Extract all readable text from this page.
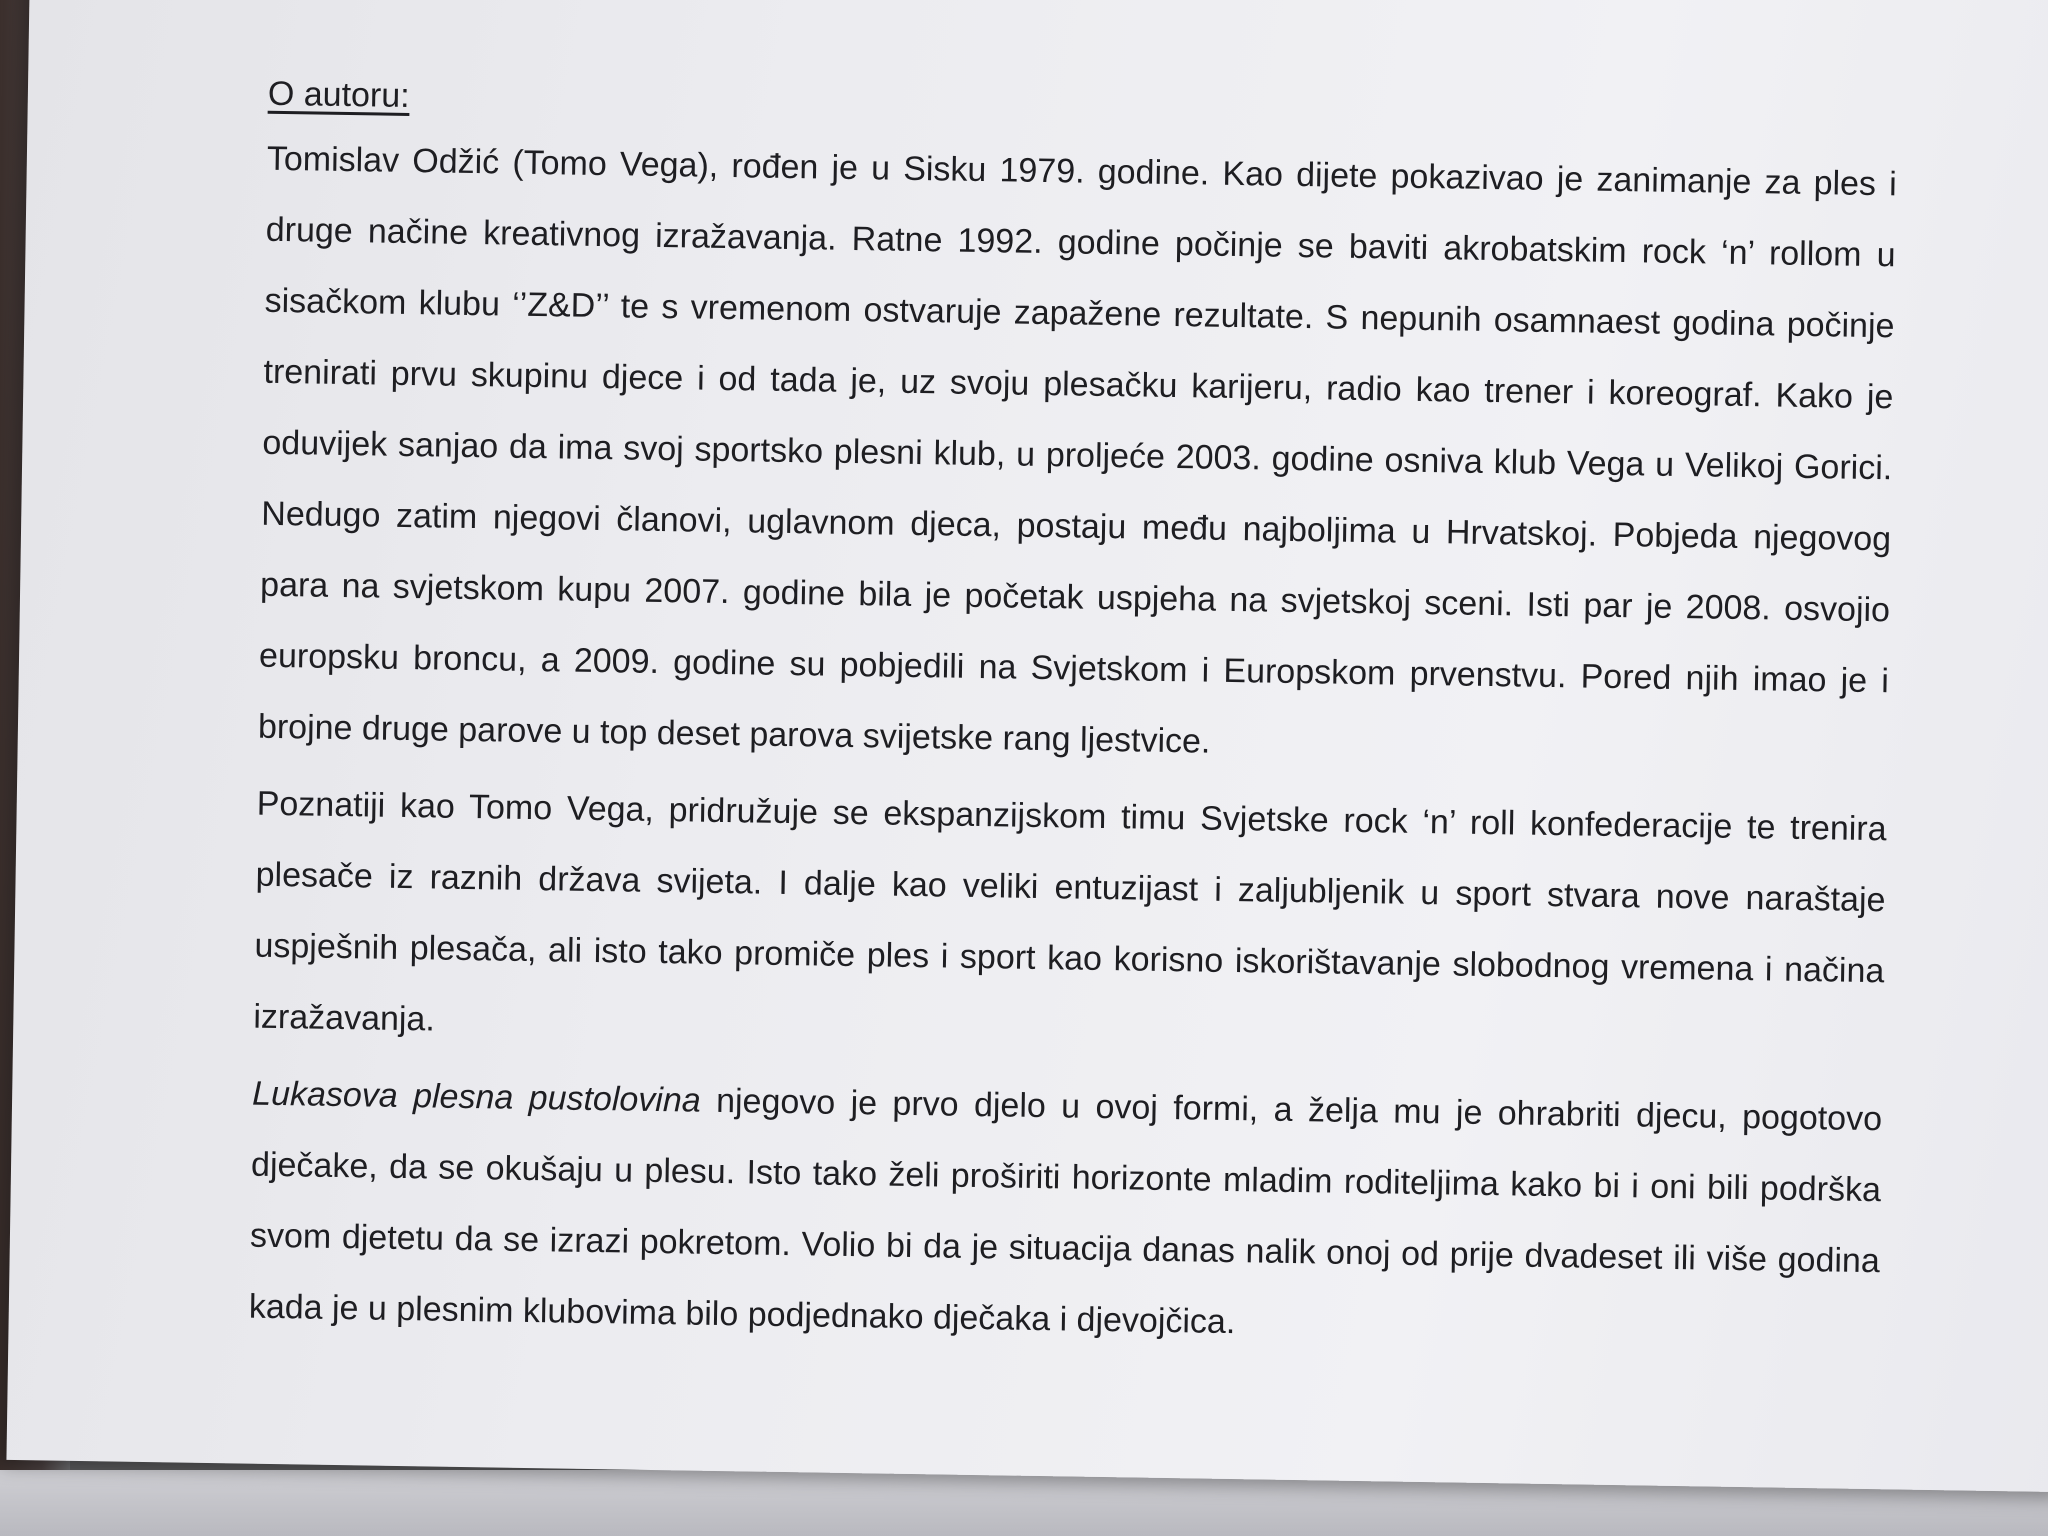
O autoru:

Tomislav Odžić (Tomo Vega), rođen je u Sisku 1979. godine. Kao dijete pokazivao je zanimanje za ples i druge načine kreativnog izražavanja. Ratne 1992. godine počinje se baviti akrobatskim rock ‘n’ rollom u sisačkom klubu ‘’Z&D’’ te s vremenom ostvaruje zapažene rezultate. S nepunih osamnaest godina počinje trenirati prvu skupinu djece i od tada je, uz svoju plesačku karijeru, radio kao trener i koreograf. Kako je oduvijek sanjao da ima svoj sportsko plesni klub, u proljeće 2003. godine osniva klub Vega u Velikoj Gorici. Nedugo zatim njegovi članovi, uglavnom djeca, postaju među najboljima u Hrvatskoj. Pobjeda njegovog para na svjetskom kupu 2007. godine bila je početak uspjeha na svjetskoj sceni. Isti par je 2008. osvojio europsku broncu, a 2009. godine su pobjedili na Svjetskom i Europskom prvenstvu. Pored njih imao je i brojne druge parove u top deset parova svijetske rang ljestvice.

Poznatiji kao Tomo Vega, pridružuje se ekspanzijskom timu Svjetske rock ‘n’ roll konfederacije te trenira plesače iz raznih država svijeta. I dalje kao veliki entuzijast i zaljubljenik u sport stvara nove naraštaje uspješnih plesača, ali isto tako promiče ples i sport kao korisno iskorištavanje slobodnog vremena i načina izražavanja.

Lukasova plesna pustolovina njegovo je prvo djelo u ovoj formi, a želja mu je ohrabriti djecu, pogotovo dječake, da se okušaju u plesu. Isto tako želi proširiti horizonte mladim roditeljima kako bi i oni bili podrška svom djetetu da se izrazi pokretom. Volio bi da je situacija danas nalik onoj od prije dvadeset ili više godina kada je u plesnim klubovima bilo podjednako dječaka i djevojčica.
